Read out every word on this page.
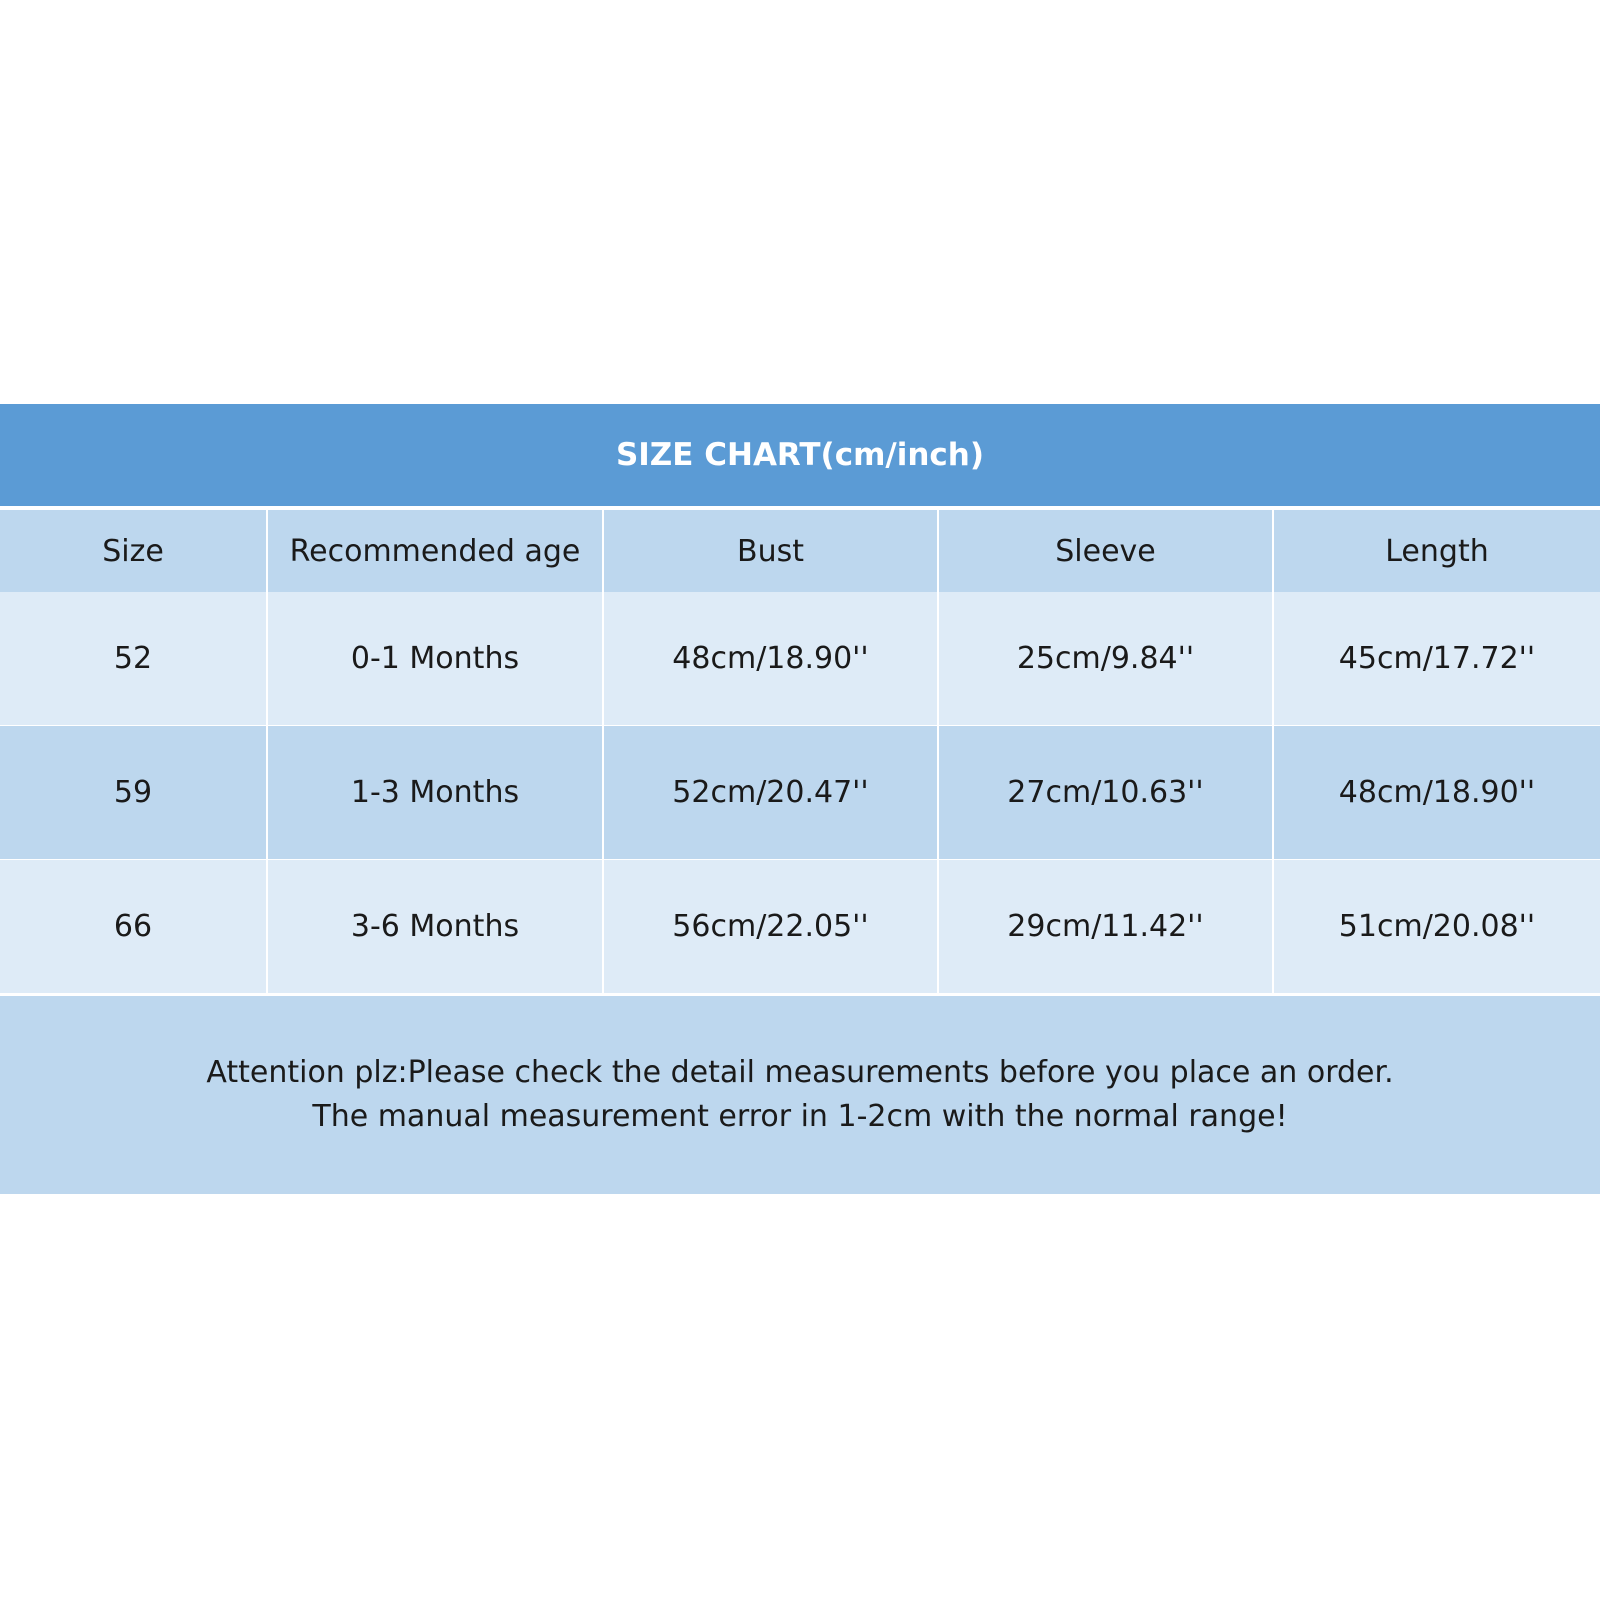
SIZE CHART(cm/inch)
Size	Recommended age	Bust	Sleeve	Length
52	0-1 Months	48cm/18.90''	25cm/9.84''	45cm/17.72''
59	1-3 Months	52cm/20.47''	27cm/10.63''	48cm/18.90''
66	3-6 Months	56cm/22.05''	29cm/11.42''	51cm/20.08''
Attention plz:Please check the detail measurements before you place an order.
The manual measurement error in 1-2cm with the normal range!
